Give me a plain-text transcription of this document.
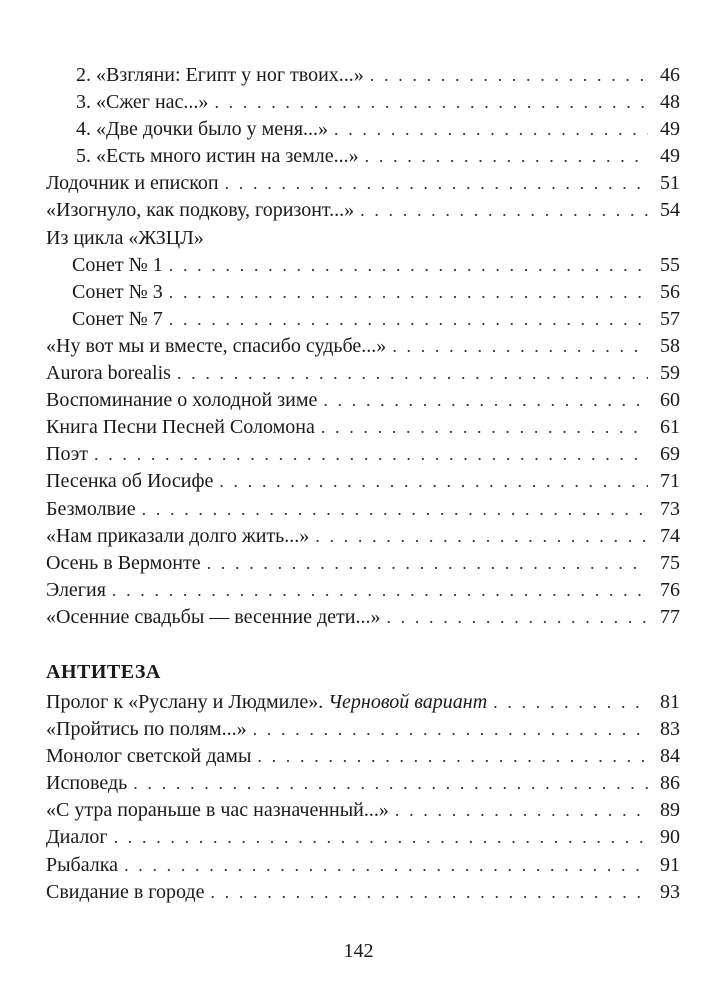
2. «Взгляни: Египт у ног твоих...» . . .	46
3. «Сжег нас...» . . .	48
4. «Две дочки было у меня...» . . .	49
5. «Есть много истин на земле...» . . .	49
Лодочник и епископ . . .	51
«Изогнуло, как подкову, горизонт...» . . .	54
Из цикла «ЖЗЦЛ»
Сонет № 1 . . .	55
Сонет № 3 . . .	56
Сонет № 7 . . .	57
«Ну вот мы и вместе, спасибо судьбе...» . . .	58
Aurora borealis . . .	59
Воспоминание о холодной зиме . . .	60
Книга Песни Песней Соломона . . .	61
Поэт . . .	69
Песенка об Иосифе . . .	71
Безмолвие . . .	73
«Нам приказали долго жить...» . . .	74
Осень в Вермонте . . .	75
Элегия . . .	76
«Осенние свадьбы — весенние дети...» . . .	77
АНТИТЕЗА
Пролог к «Руслану и Людмиле». Черновой вариант . . .	81
«Пройтись по полям...» . . .	83
Монолог светской дамы . . .	84
Исповедь . . .	86
«С утра пораньше в час назначенный...» . . .	89
Диалог . . .	90
Рыбалка . . .	91
Свидание в городе . . .	93
142
